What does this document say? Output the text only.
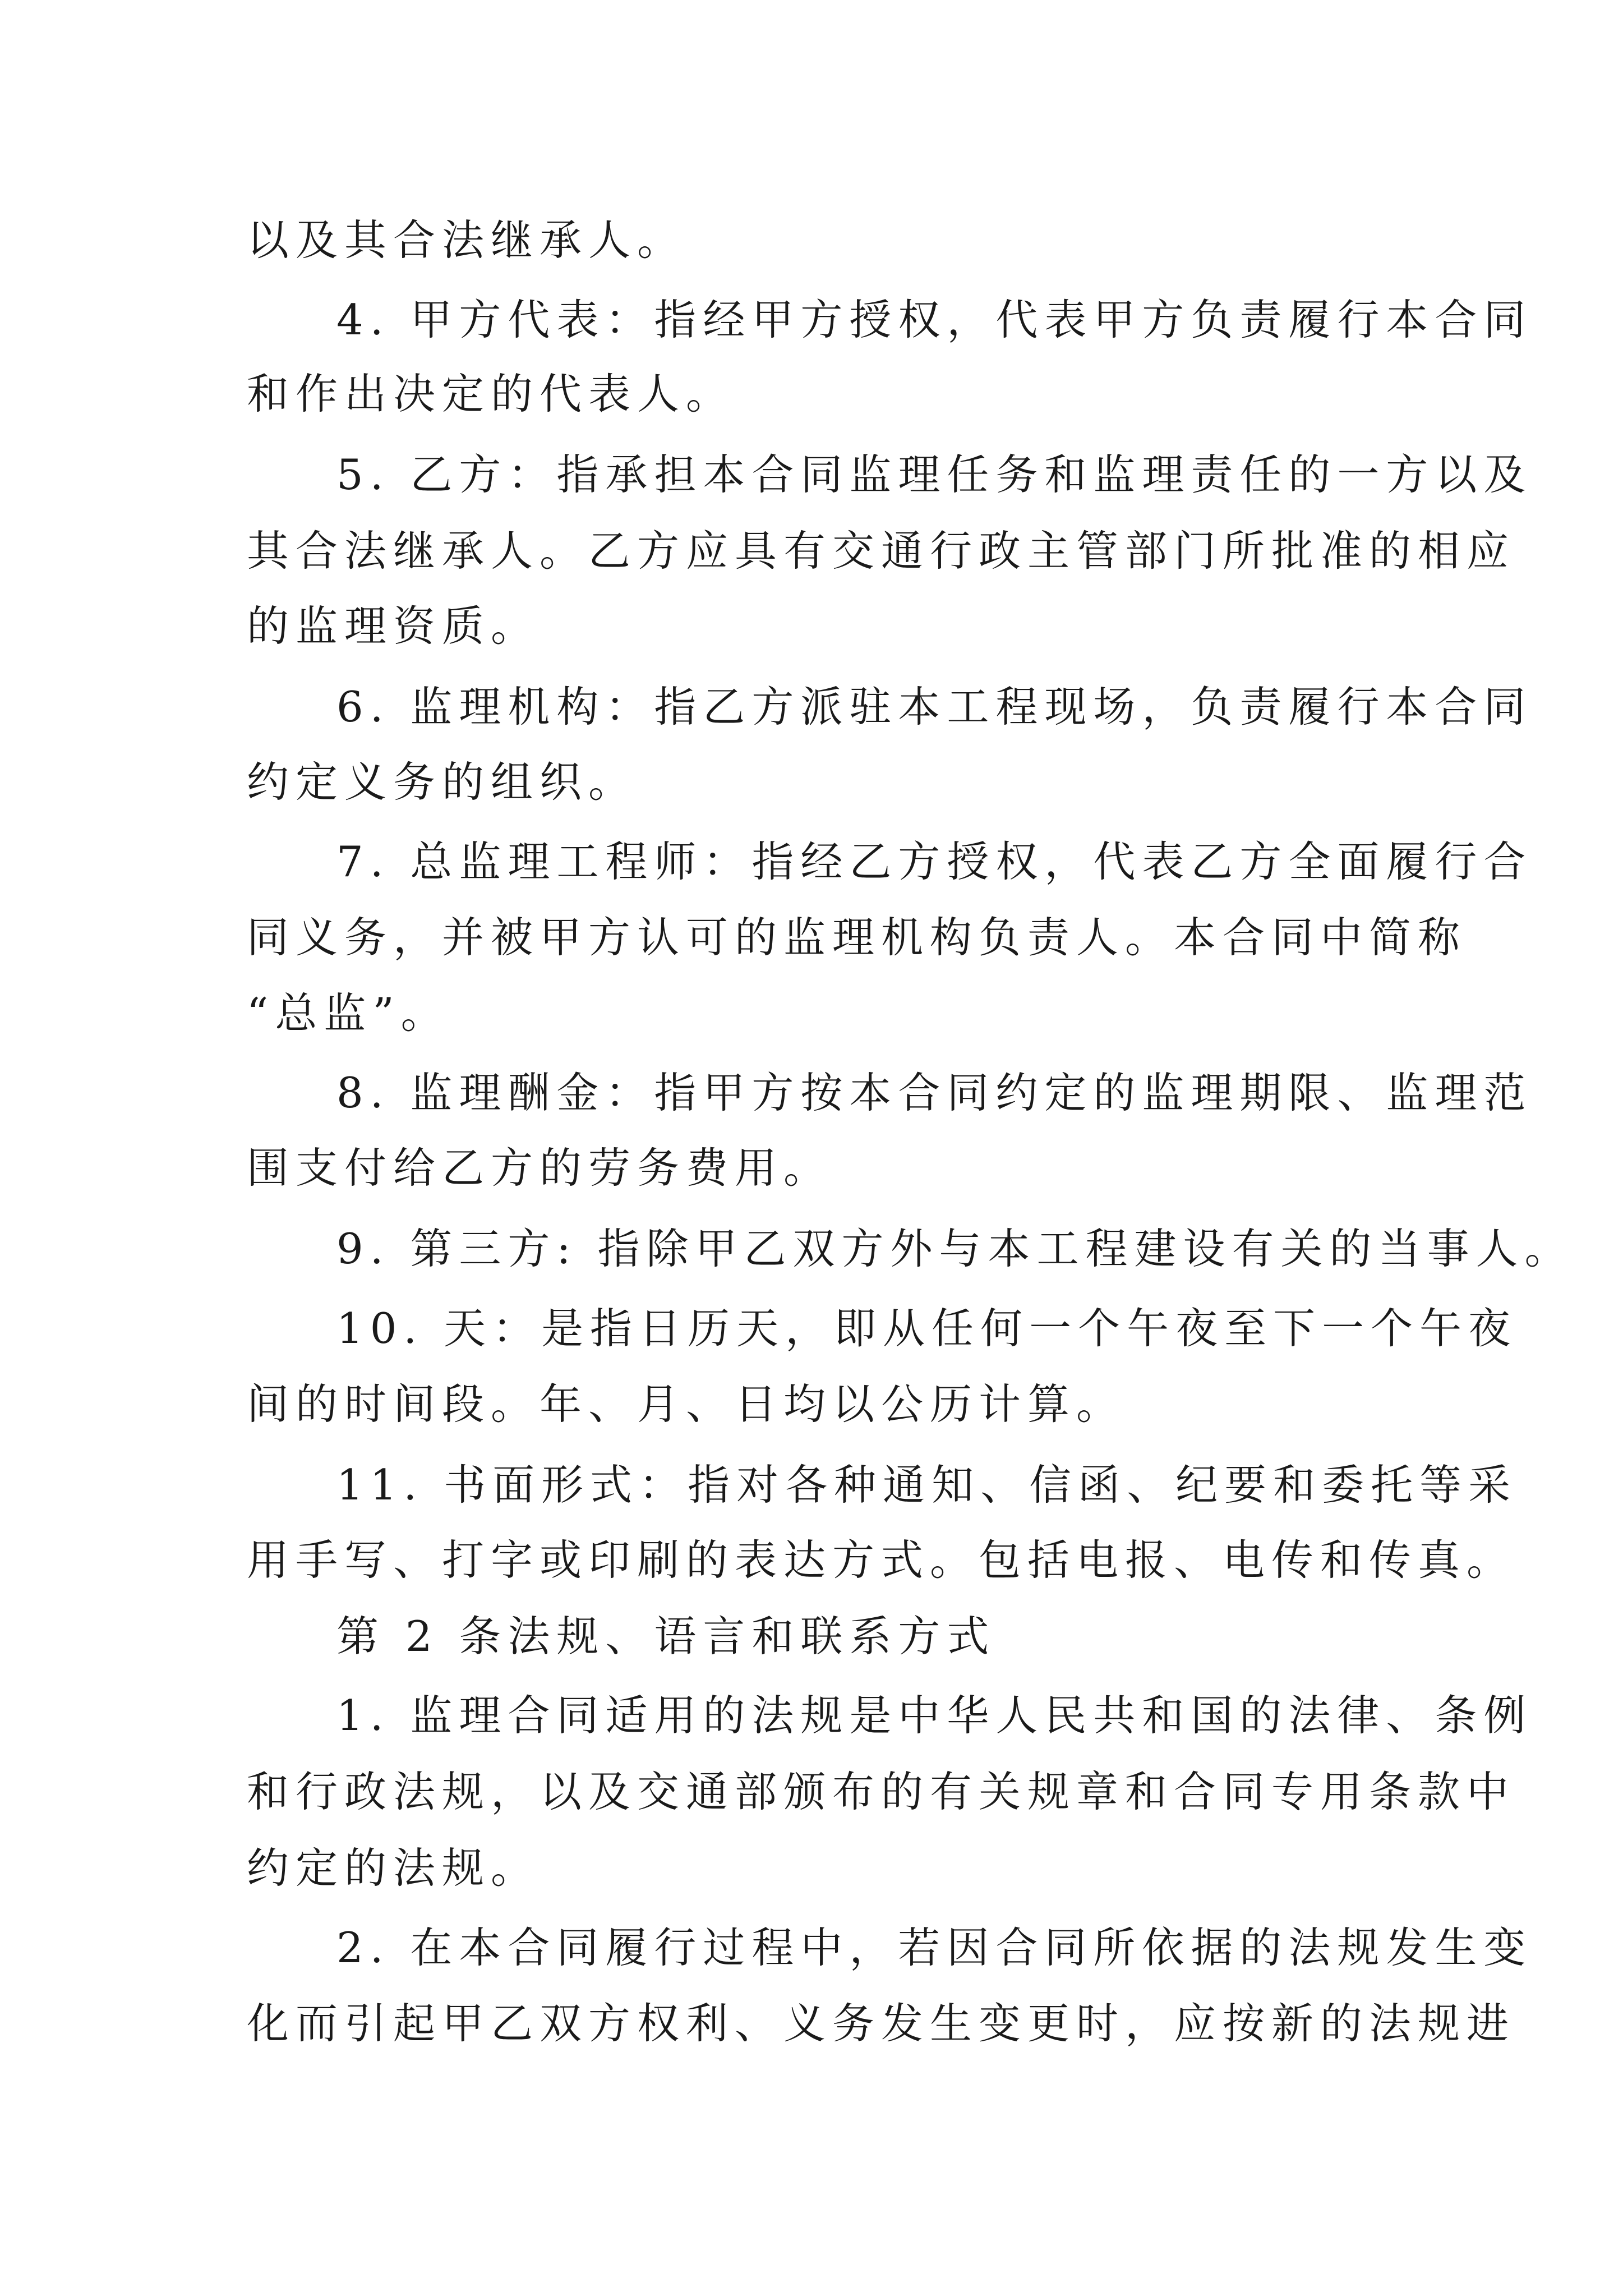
以及其合法继承人。
4. 甲方代表：指经甲方授权，代表甲方负责履行本合同
和作出决定的代表人。
5. 乙方：指承担本合同监理任务和监理责任的一方以及
其合法继承人。乙方应具有交通行政主管部门所批准的相应
的监理资质。
6. 监理机构：指乙方派驻本工程现场，负责履行本合同
约定义务的组织。
7. 总监理工程师：指经乙方授权，代表乙方全面履行合
同义务，并被甲方认可的监理机构负责人。本合同中简称
“总监”。
8. 监理酬金：指甲方按本合同约定的监理期限、监理范
围支付给乙方的劳务费用。
9. 第三方: 指除甲乙双方外与本工程建设有关的当事人。
10. 天：是指日历天，即从任何一个午夜至下一个午夜
间的时间段。年、月、日均以公历计算。
11. 书面形式：指对各种通知、信函、纪要和委托等采
用手写、打字或印刷的表达方式。包括电报、电传和传真。
第 2 条法规、语言和联系方式
1. 监理合同适用的法规是中华人民共和国的法律、条例
和行政法规，以及交通部颁布的有关规章和合同专用条款中
约定的法规。
2. 在本合同履行过程中，若因合同所依据的法规发生变
化而引起甲乙双方权利、义务发生变更时，应按新的法规进
